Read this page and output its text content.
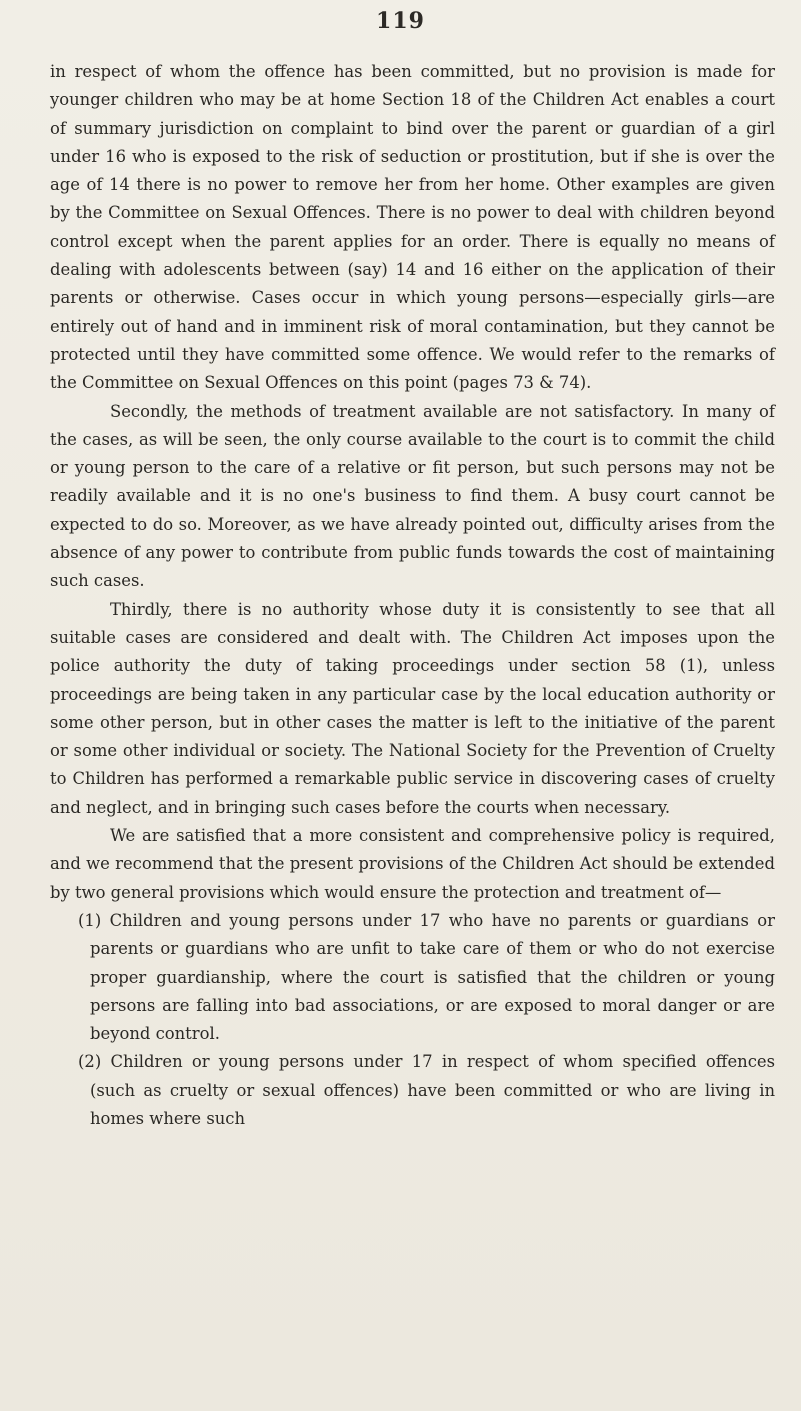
119

in respect of whom the offence has been committed, but no provision is made for younger children who may be at home Section 18 of the Children Act enables a court of summary jurisdiction on complaint to bind over the parent or guardian of a girl under 16 who is exposed to the risk of seduction or prostitution, but if she is over the age of 14 there is no power to remove her from her home. Other examples are given by the Committee on Sexual Offences. There is no power to deal with children beyond control except when the parent applies for an order. There is equally no means of dealing with adolescents between (say) 14 and 16 either on the application of their parents or otherwise. Cases occur in which young persons—especially girls—are entirely out of hand and in imminent risk of moral contamination, but they cannot be protected until they have committed some offence. We would refer to the remarks of the Committee on Sexual Offences on this point (pages 73 & 74).

Secondly, the methods of treatment available are not satisfactory. In many of the cases, as will be seen, the only course available to the court is to commit the child or young person to the care of a relative or fit person, but such persons may not be readily available and it is no one's business to find them. A busy court cannot be expected to do so. Moreover, as we have already pointed out, difficulty arises from the absence of any power to contribute from public funds towards the cost of maintaining such cases.

Thirdly, there is no authority whose duty it is consistently to see that all suitable cases are considered and dealt with. The Children Act imposes upon the police authority the duty of taking proceedings under section 58 (1), unless proceedings are being taken in any particular case by the local education authority or some other person, but in other cases the matter is left to the initiative of the parent or some other individual or society. The National Society for the Prevention of Cruelty to Children has performed a remarkable public service in discovering cases of cruelty and neglect, and in bringing such cases before the courts when necessary.

We are satisfied that a more consistent and comprehensive policy is required, and we recommend that the present provisions of the Children Act should be extended by two general provisions which would ensure the protection and treatment of—

(1) Children and young persons under 17 who have no parents or guardians or parents or guardians who are unfit to take care of them or who do not exercise proper guardianship, where the court is satisfied that the children or young persons are falling into bad associations, or are exposed to moral danger or are beyond control.

(2) Children or young persons under 17 in respect of whom specified offences (such as cruelty or sexual offences) have been committed or who are living in homes where such
